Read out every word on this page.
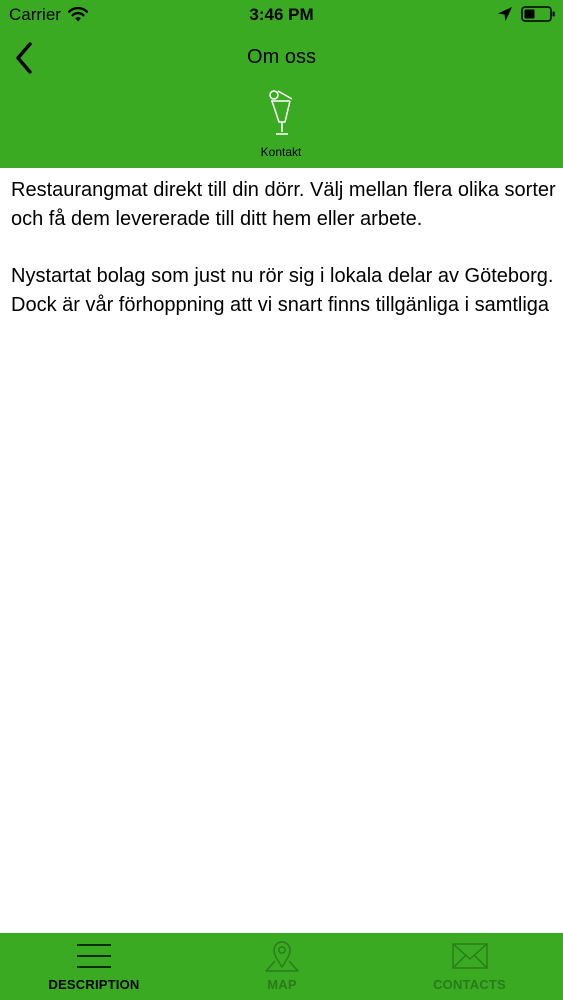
Carrier	3:46 PM
Om oss
Kontakt

Restaurangmat direkt till din dörr. Välj mellan flera olika sorter och få dem levererade till ditt hem eller arbete.

Nystartat bolag som just nu rör sig i lokala delar av Göteborg. Dock är vår förhoppning att vi snart finns tillgänliga i samtliga

DESCRIPTION	MAP	CONTACTS
